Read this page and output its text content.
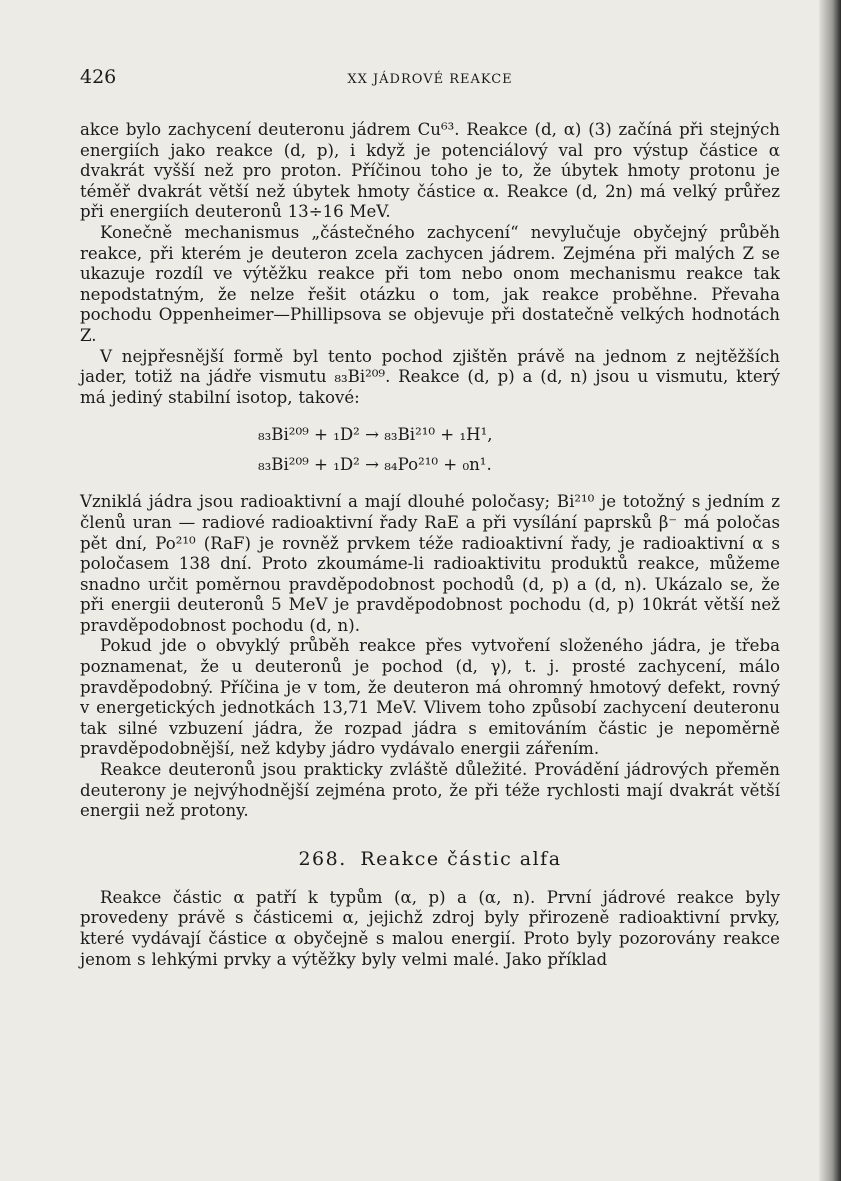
426	XX JÁDROVÉ REAKCE

akce bylo zachycení deuteronu jádrem Cu⁶³. Reakce (d, α) (3) začíná při stejných energiích jako reakce (d, p), i když je potenciálový val pro výstup částice α dvakrát vyšší než pro proton. Příčinou toho je to, že úbytek hmoty protonu je téměř dvakrát větší než úbytek hmoty částice α. Reakce (d, 2n) má velký průřez při energiích deuteronů 13÷16 MeV.

Konečně mechanismus „částečného zachycení“ nevylučuje obyčejný průběh reakce, při kterém je deuteron zcela zachycen jádrem. Zejména při malých Z se ukazuje rozdíl ve výtěžku reakce při tom nebo onom mechanismu reakce tak nepodstatným, že nelze řešit otázku o tom, jak reakce proběhne. Převaha pochodu Oppenheimer—Phillipsova se objevuje při dostatečně velkých hodnotách Z.

V nejpřesnější formě byl tento pochod zjištěn právě na jednom z nejtěžších jader, totiž na jádře vismutu ₈₃Bi²⁰⁹. Reakce (d, p) a (d, n) jsou u vismutu, který má jediný stabilní isotop, takové:

₈₃Bi²⁰⁹ + ₁D² → ₈₃Bi²¹⁰ + ₁H¹,
₈₃Bi²⁰⁹ + ₁D² → ₈₄Po²¹⁰ + ₀n¹.

Vzniklá jádra jsou radioaktivní a mají dlouhé poločasy; Bi²¹⁰ je totožný s jedním z členů uran — radiové radioaktivní řady RaE a při vysílání paprsků β⁻ má poločas pět dní, Po²¹⁰ (RaF) je rovněž prvkem téže radioaktivní řady, je radioaktivní α s poločasem 138 dní. Proto zkoumáme-li radioaktivitu produktů reakce, můžeme snadno určit poměrnou pravděpodobnost pochodů (d, p) a (d, n). Ukázalo se, že při energii deuteronů 5 MeV je pravděpodobnost pochodu (d, p) 10krát větší než pravděpodobnost pochodu (d, n).

Pokud jde o obvyklý průběh reakce přes vytvoření složeného jádra, je třeba poznamenat, že u deuteronů je pochod (d, γ), t. j. prosté zachycení, málo pravděpodobný. Příčina je v tom, že deuteron má ohromný hmotový defekt, rovný v energetických jednotkách 13,71 MeV. Vlivem toho způsobí zachycení deuteronu tak silné vzbuzení jádra, že rozpad jádra s emitováním částic je nepoměrně pravděpodobnější, než kdyby jádro vydávalo energii zářením.

Reakce deuteronů jsou prakticky zvláště důležité. Provádění jádrových přeměn deuterony je nejvýhodnější zejména proto, že při téže rychlosti mají dvakrát větší energii než protony.

268. Reakce částic alfa

Reakce částic α patří k typům (α, p) a (α, n). První jádrové reakce byly provedeny právě s částicemi α, jejichž zdroj byly přirozeně radioaktivní prvky, které vydávají částice α obyčejně s malou energií. Proto byly pozorovány reakce jenom s lehkými prvky a výtěžky byly velmi malé. Jako příklad
